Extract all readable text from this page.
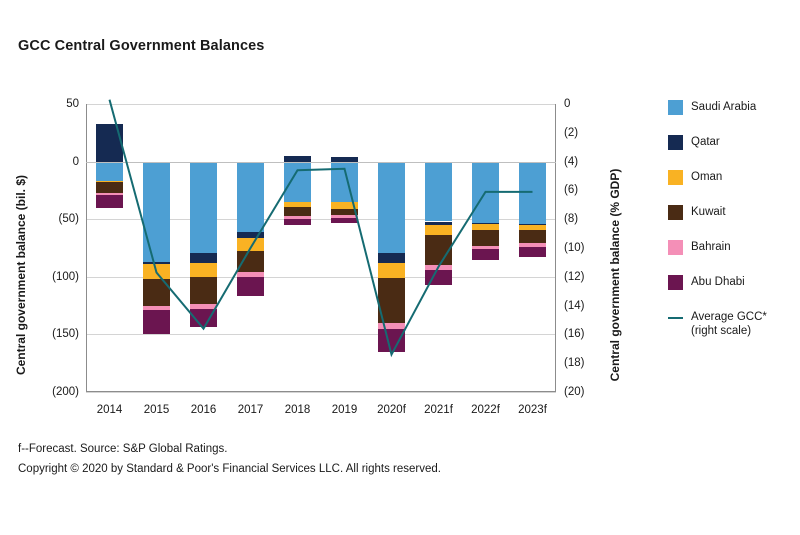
GCC Central Government Balances
Central government balance (bil. $)	Central government balance (% GDP)
50
0
(50)
(100)
(150)
(200)
0
(2)
(4)
(6)
(8)
(10)
(12)
(14)
(16)
(18)
(20)
2014 2015 2016 2017 2018 2019 2020f 2021f 2022f 2023f
Saudi Arabia
Qatar
Oman
Kuwait
Bahrain
Abu Dhabi
Average GCC*
(right scale)
f--Forecast. Source: S&P Global Ratings.
Copyright © 2020 by Standard & Poor's Financial Services LLC. All rights reserved.
